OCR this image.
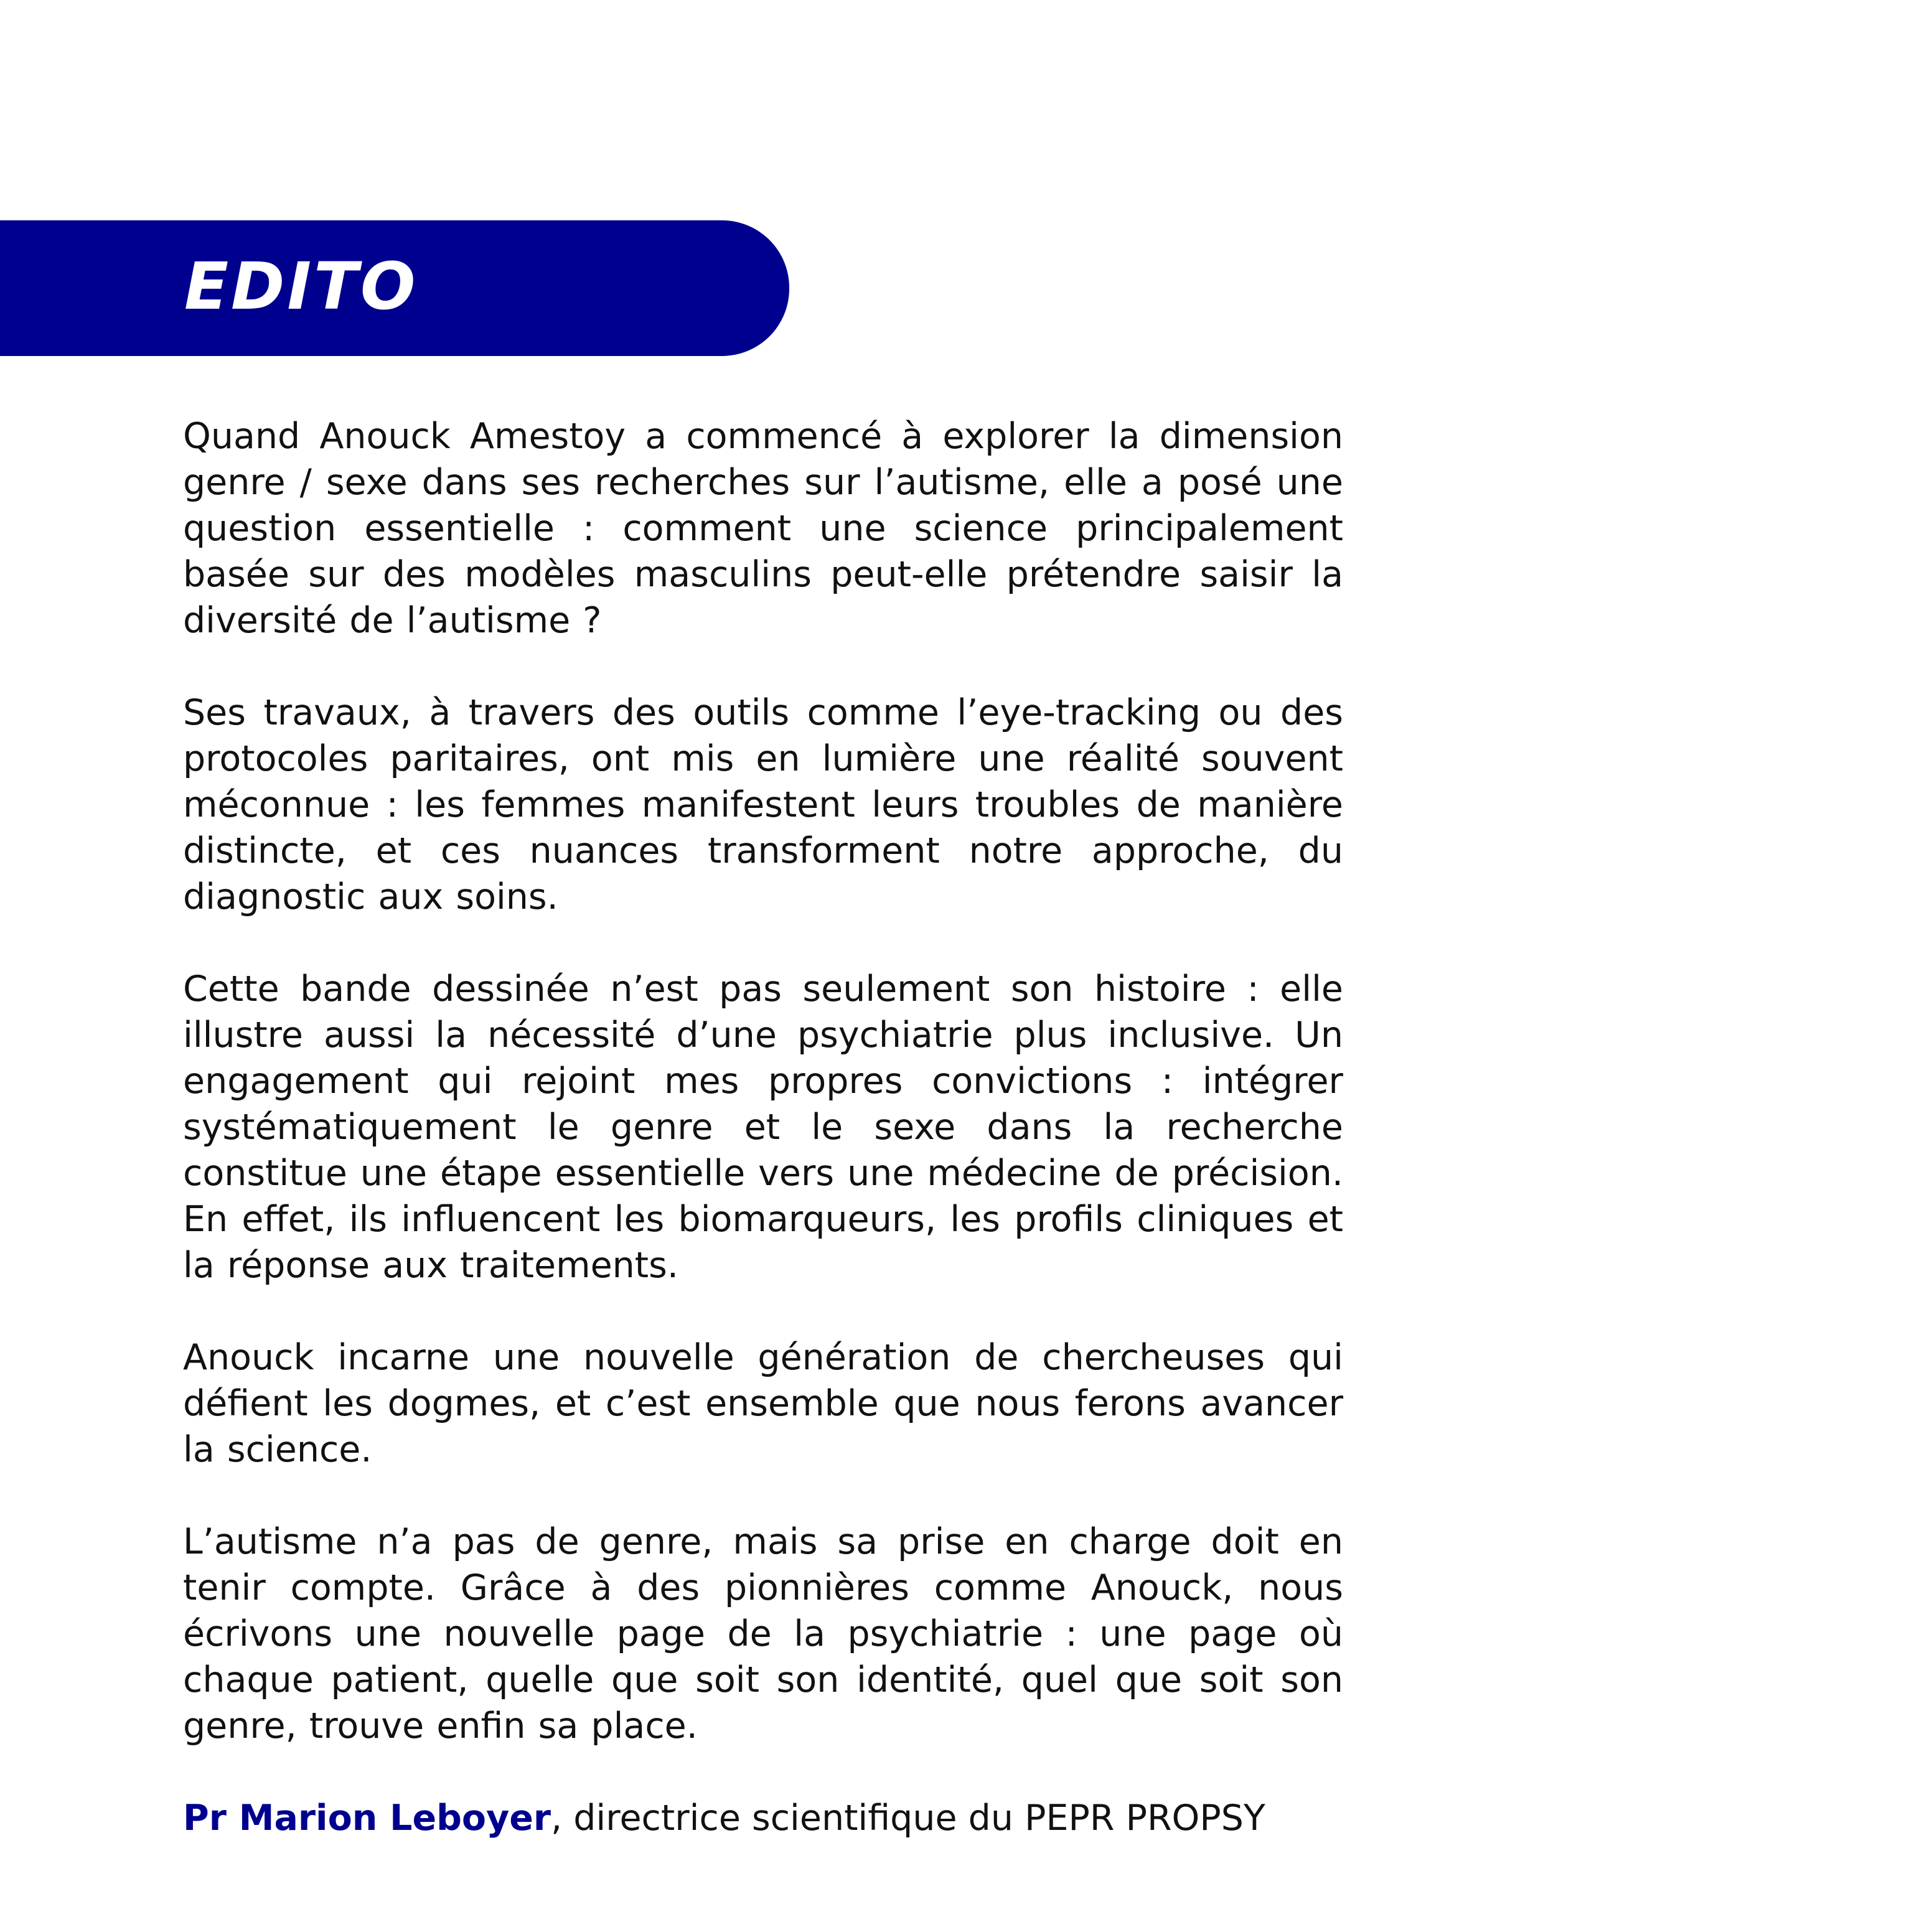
EDITO

Quand Anouck Amestoy a commencé à explorer la dimension genre / sexe dans ses recherches sur l’autisme, elle a posé une question essentielle : comment une science principalement basée sur des modèles masculins peut-elle prétendre saisir la diversité de l’autisme ?

Ses travaux, à travers des outils comme l’eye-tracking ou des protocoles paritaires, ont mis en lumière une réalité souvent méconnue : les femmes manifestent leurs troubles de manière distincte, et ces nuances transforment notre approche, du diagnostic aux soins.

Cette bande dessinée n’est pas seulement son histoire : elle illustre aussi la nécessité d’une psychiatrie plus inclusive. Un engagement qui rejoint mes propres convictions : intégrer systématiquement le genre et le sexe dans la recherche constitue une étape essentielle vers une médecine de précision. En effet, ils influencent les biomarqueurs, les profils cliniques et la réponse aux traitements.

Anouck incarne une nouvelle génération de chercheuses qui défient les dogmes, et c’est ensemble que nous ferons avancer la science.

L’autisme n’a pas de genre, mais sa prise en charge doit en tenir compte. Grâce à des pionnières comme Anouck, nous écrivons une nouvelle page de la psychiatrie : une page où chaque patient, quelle que soit son identité, quel que soit son genre, trouve enfin sa place.

Pr Marion Leboyer, directrice scientifique du PEPR PROPSY
